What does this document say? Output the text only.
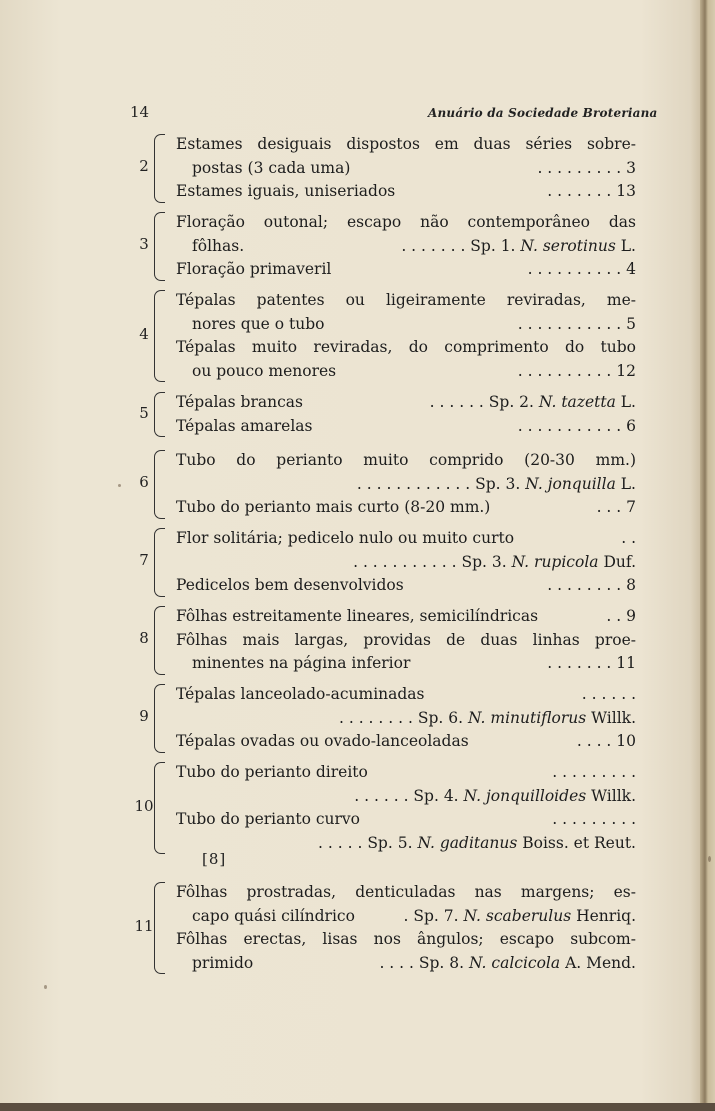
14	Anuário da Sociedade Broteriana
2
Estames desiguais dispostos em duas séries sobre-
postas (3 cada uma)	. . . . . . . . . 3
Estames iguais, uniseriados	. . . . . . . 13
3
Floração outonal; escapo não contemporâneo das
fôlhas.	. . . . . . . Sp. 1. N. serotinus L.
Floração primaveril	. . . . . . . . . . 4
4
Tépalas patentes ou ligeiramente reviradas, me-
nores que o tubo	. . . . . . . . . . . 5
Tépalas muito reviradas, do comprimento do tubo
ou pouco menores	. . . . . . . . . . 12
5
Tépalas brancas	. . . . . . Sp. 2. N. tazetta L.
Tépalas amarelas	. . . . . . . . . . . 6
6
Tubo do perianto muito comprido (20-30 mm.)
. . . . . . . . . . . . Sp. 3. N. jonquilla L.
Tubo do perianto mais curto (8-20 mm.)	. . . 7
7
Flor solitária; pedicelo nulo ou muito curto	. .
. . . . . . . . . . . Sp. 3. N. rupicola Duf.
Pedicelos bem desenvolvidos	. . . . . . . . 8
8
Fôlhas estreitamente lineares, semicilíndricas	. . 9
Fôlhas mais largas, providas de duas linhas proe-
minentes na página inferior	. . . . . . . 11
9
Tépalas lanceolado-acuminadas	. . . . . .
. . . . . . . . Sp. 6. N. minutiflorus Willk.
Tépalas ovadas ou ovado-lanceoladas	. . . . 10
10
Tubo do perianto direito	. . . . . . . . .
. . . . . . Sp. 4. N. jonquilloides Willk.
Tubo do perianto curvo	. . . . . . . . .
. . . . . Sp. 5. N. gaditanus Boiss. et Reut.
11
Fôlhas prostradas, denticuladas nas margens; es-
capo quási cilíndrico	. Sp. 7. N. scaberulus Henriq.
Fôlhas erectas, lisas nos ângulos; escapo subcom-
primido	. . . . Sp. 8. N. calcicola A. Mend.
[8]
